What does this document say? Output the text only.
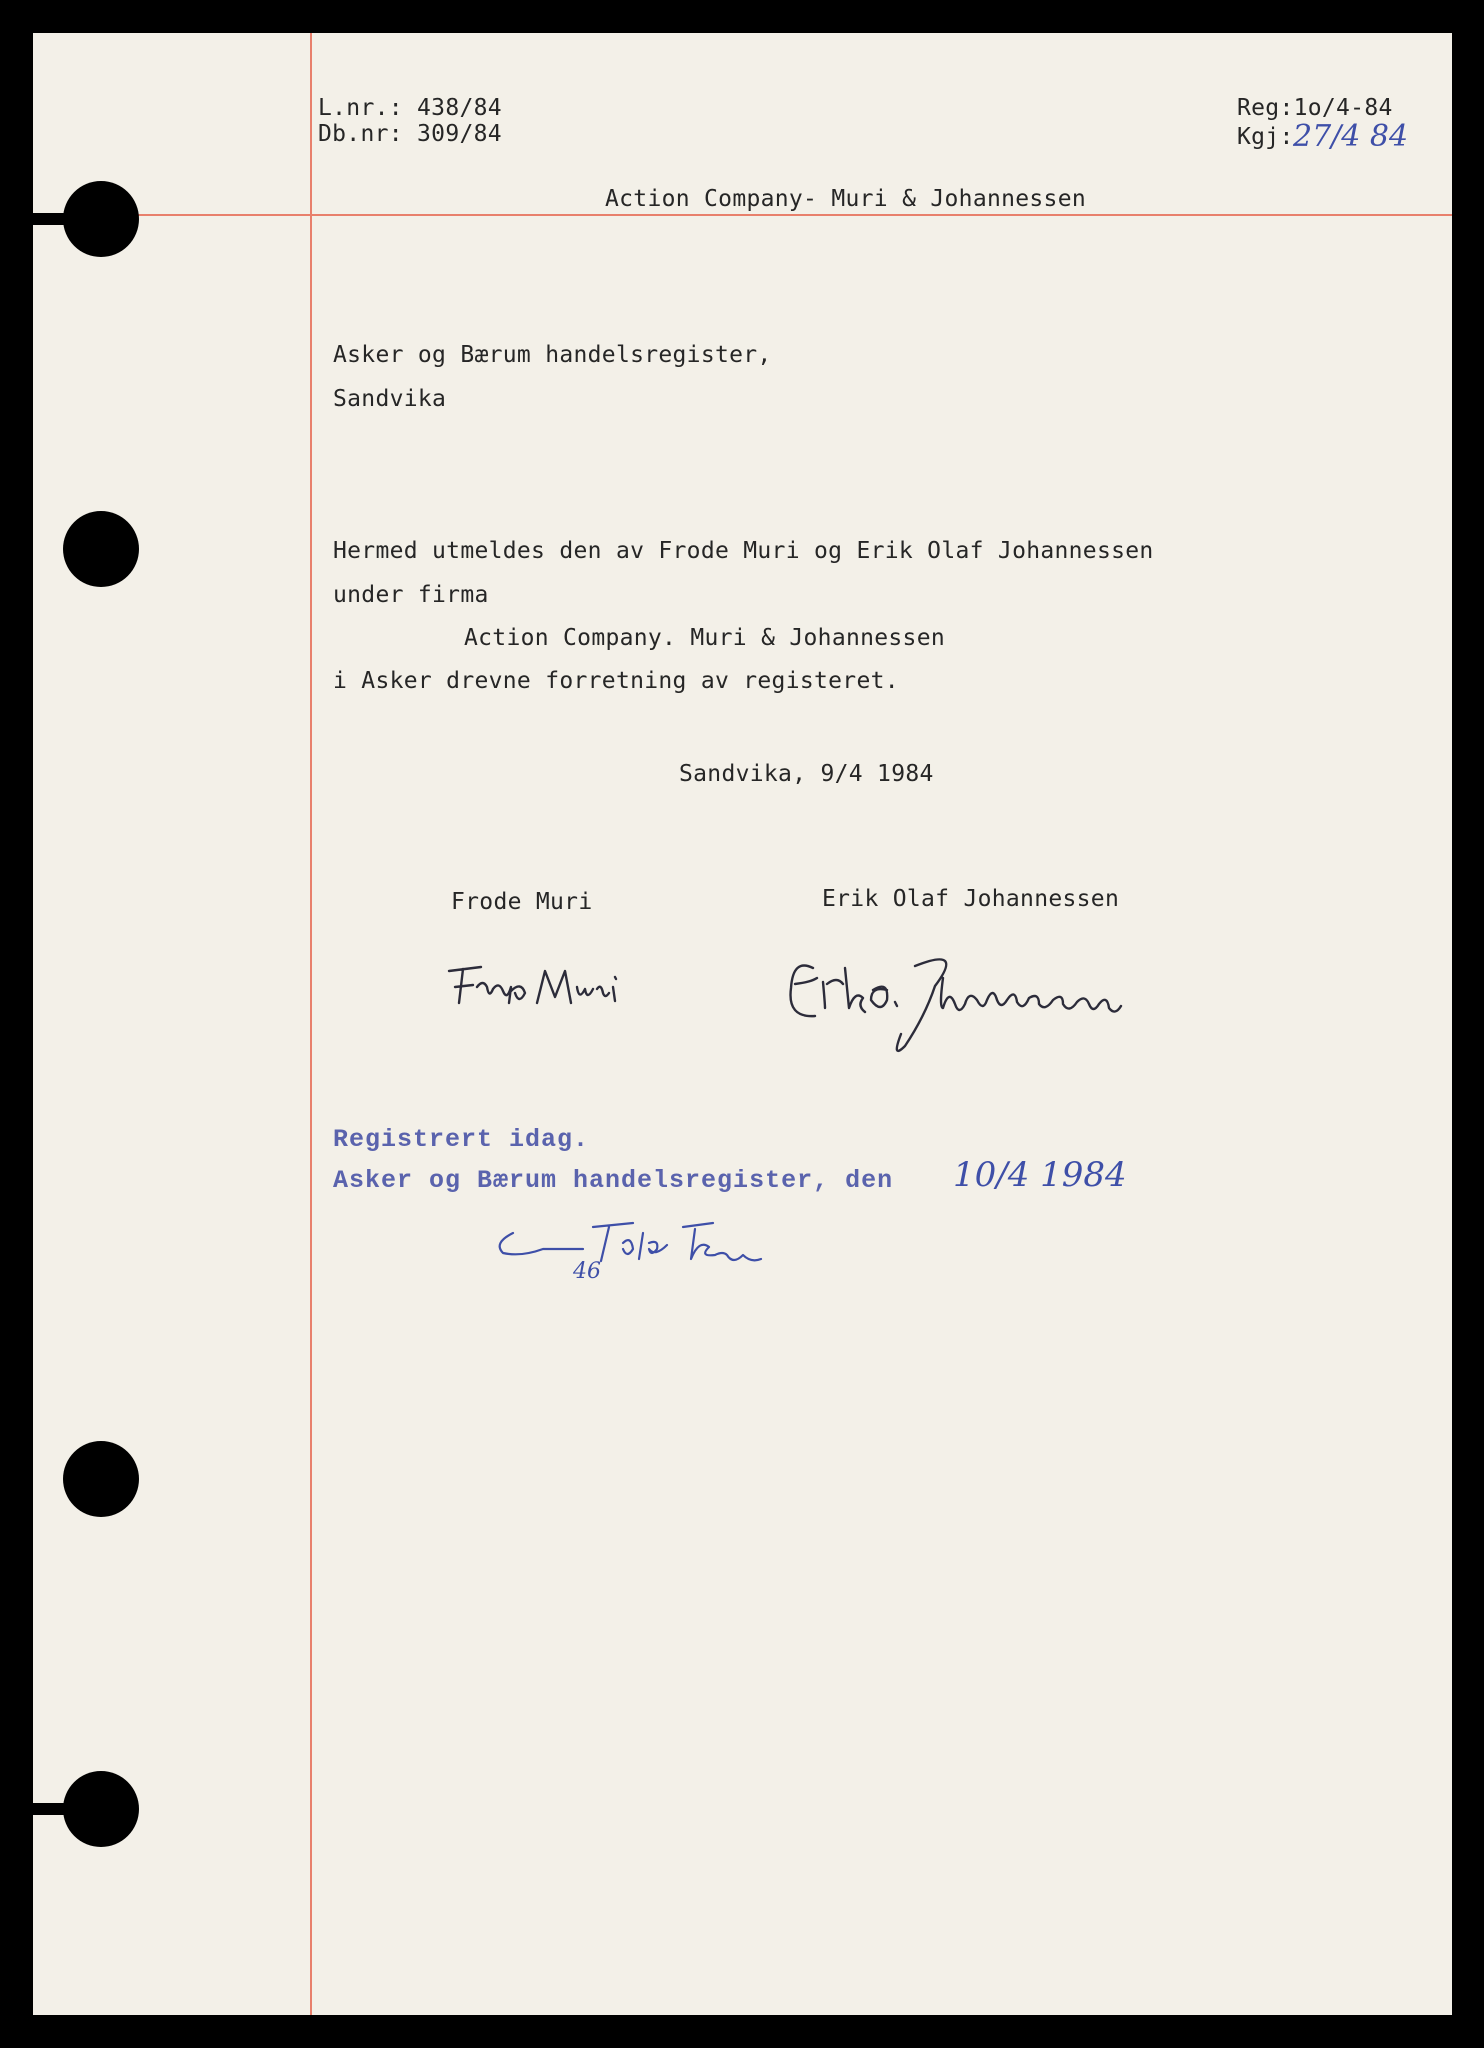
L.nr.: 438/84
Db.nr: 309/84
Reg:1o/4-84
Kgj: 27/4 84
Action Company- Muri & Johannessen
Asker og Bærum handelsregister,
Sandvika
Hermed utmeldes den av Frode Muri og Erik Olaf Johannessen
under firma
Action Company. Muri & Johannessen
i Asker drevne forretning av registeret.
Sandvika, 9/4 1984
Frode Muri	Erik Olaf Johannessen
Registrert idag.
Asker og Bærum handelsregister, den 10/4 1984
46
